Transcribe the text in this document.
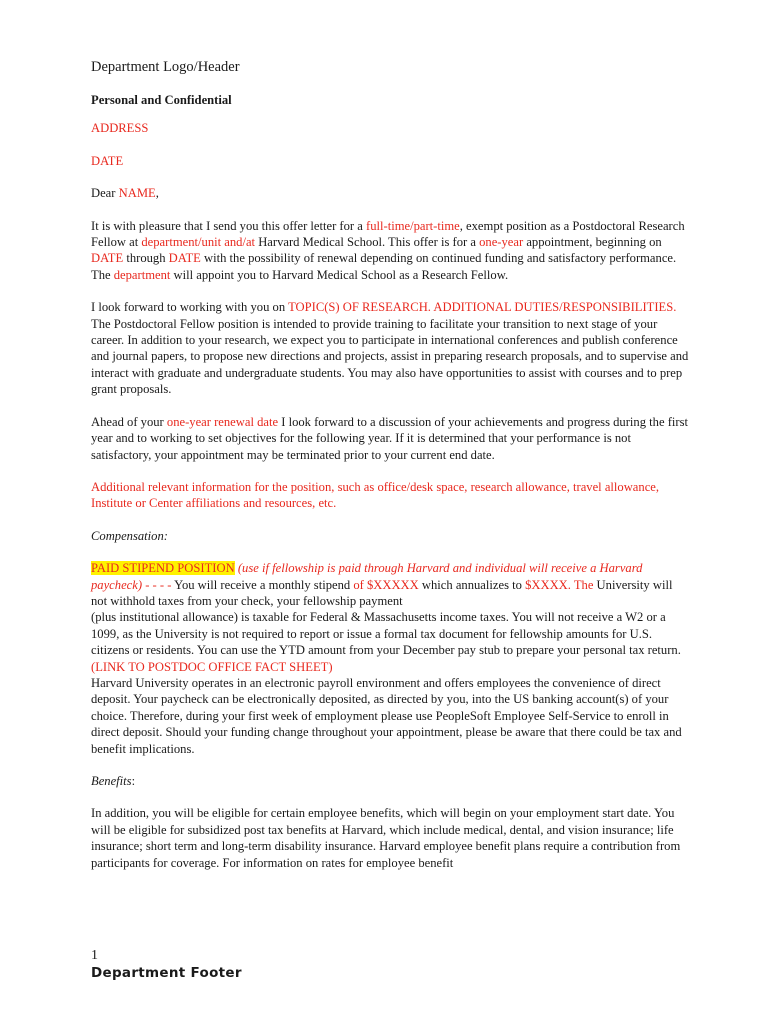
Department Logo/Header

Personal and Confidential

ADDRESS

DATE

Dear NAME,

It is with pleasure that I send you this offer letter for a full-time/part-time, exempt position as a Postdoctoral Research Fellow at department/unit and/at Harvard Medical School. This offer is for a one-year appointment, beginning on DATE through DATE with the possibility of renewal depending on continued funding and satisfactory performance. The department will appoint you to Harvard Medical School as a Research Fellow.

I look forward to working with you on TOPIC(S) OF RESEARCH. ADDITIONAL DUTIES/RESPONSIBILITIES. The Postdoctoral Fellow position is intended to provide training to facilitate your transition to next stage of your career. In addition to your research, we expect you to participate in international conferences and publish conference and journal papers, to propose new directions and projects, assist in preparing research proposals, and to supervise and interact with graduate and undergraduate students. You may also have opportunities to assist with courses and to prep grant proposals.

Ahead of your one-year renewal date I look forward to a discussion of your achievements and progress during the first year and to working to set objectives for the following year. If it is determined that your performance is not satisfactory, your appointment may be terminated prior to your current end date.

Additional relevant information for the position, such as office/desk space, research allowance, travel allowance, Institute or Center affiliations and resources, etc.

Compensation:

PAID STIPEND POSITION (use if fellowship is paid through Harvard and individual will receive a Harvard paycheck) - - - - You will receive a monthly stipend of $XXXXX which annualizes to $XXXX. The University will not withhold taxes from your check, your fellowship payment

(plus institutional allowance) is taxable for Federal & Massachusetts income taxes. You will not receive a W2 or a 1099, as the University is not required to report or issue a formal tax document for fellowship amounts for U.S. citizens or residents. You can use the YTD amount from your December pay stub to prepare your personal tax return. (LINK TO POSTDOC OFFICE FACT SHEET)

Harvard University operates in an electronic payroll environment and offers employees the convenience of direct deposit. Your paycheck can be electronically deposited, as directed by you, into the US banking account(s) of your choice. Therefore, during your first week of employment please use PeopleSoft Employee Self-Service to enroll in direct deposit. Should your funding change throughout your appointment, please be aware that there could be tax and benefit implications.

Benefits:

In addition, you will be eligible for certain employee benefits, which will begin on your employment start date. You will be eligible for subsidized post tax benefits at Harvard, which include medical, dental, and vision insurance; life insurance; short term and long-term disability insurance. Harvard employee benefit plans require a contribution from participants for coverage. For information on rates for employee benefit

1
Department Footer
